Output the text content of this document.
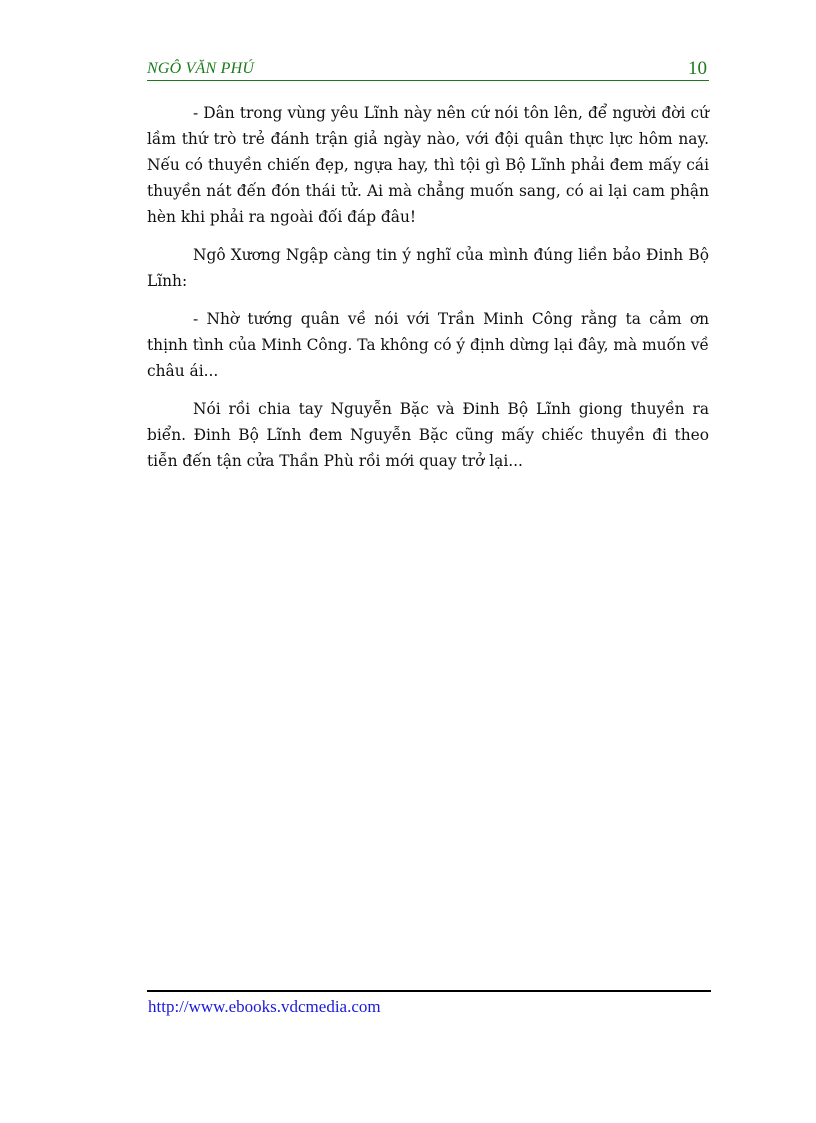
NGÔ VĂN PHÚ	10

- Dân trong vùng yêu Lĩnh này nên cứ nói tôn lên, để người đời cứ lầm thứ trò trẻ đánh trận giả ngày nào, với đội quân thực lực hôm nay. Nếu có thuyền chiến đẹp, ngựa hay, thì tội gì Bộ Lĩnh phải đem mấy cái thuyền nát đến đón thái tử. Ai mà chẳng muốn sang, có ai lại cam phận hèn khi phải ra ngoài đối đáp đâu!

Ngô Xương Ngập càng tin ý nghĩ của mình đúng liền bảo Đinh Bộ Lĩnh:

- Nhờ tướng quân về nói với Trần Minh Công rằng ta cảm ơn thịnh tình của Minh Công. Ta không có ý định dừng lại đây, mà muốn về châu ái...

Nói rồi chia tay Nguyễn Bặc và Đinh Bộ Lĩnh giong thuyền ra biển. Đinh Bộ Lĩnh đem Nguyễn Bặc cũng mấy chiếc thuyền đi theo tiễn đến tận cửa Thần Phù rồi mới quay trở lại...

http://www.ebooks.vdcmedia.com
